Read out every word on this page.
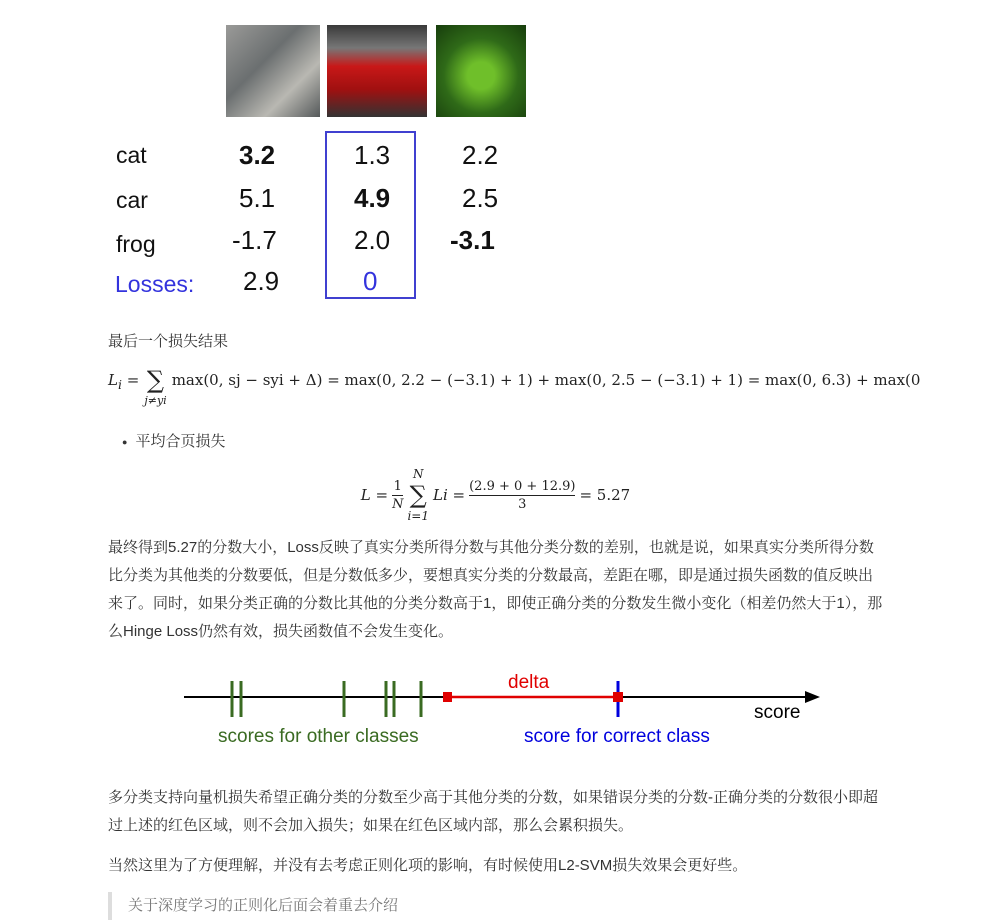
cat	3.2	1.3	2.2
car	5.1	4.9	2.5
frog	-1.7	2.0 -3.1
Losses: 2.9	0

最后一个损失结果

$L_i$ = ∑
j≠yi
max(0, sj − syi + Δ) = max(0, 2.2 − (−3.1) + 1) + max(0, 2.5 − (−3.1) + 1) = max(0, 6.3) + max(0
● 平均合页损失
$L = \frac{1}{N}$
N
∑
i=1
$Li = \frac{(2.9 + 0 + 12.9)}{3} = 5.27$

最终得到5.27的分数大小，Loss反映了真实分类所得分数与其他分类分数的差别，也就是说，如果真实分类所得分数比分类为其他类的分数要低，但是分数低多少，要想真实分类的分数最高，差距在哪，即是通过损失函数的值反映出来了。同时，如果分类正确的分数比其他的分类分数高于1，即使正确分类的分数发生微小变化（相差仍然大于1），那么Hinge Loss仍然有效，损失函数值不会发生变化。

delta
score
scores for other classes	score for correct class

多分类支持向量机损失希望正确分类的分数至少高于其他分类的分数，如果错误分类的分数-正确分类的分数很小即超过上述的红色区域，则不会加入损失；如果在红色区域内部，那么会累积损失。

当然这里为了方便理解，并没有去考虑正则化项的影响，有时候使用L2-SVM损失效果会更好些。

关于深度学习的正则化后面会着重去介绍
